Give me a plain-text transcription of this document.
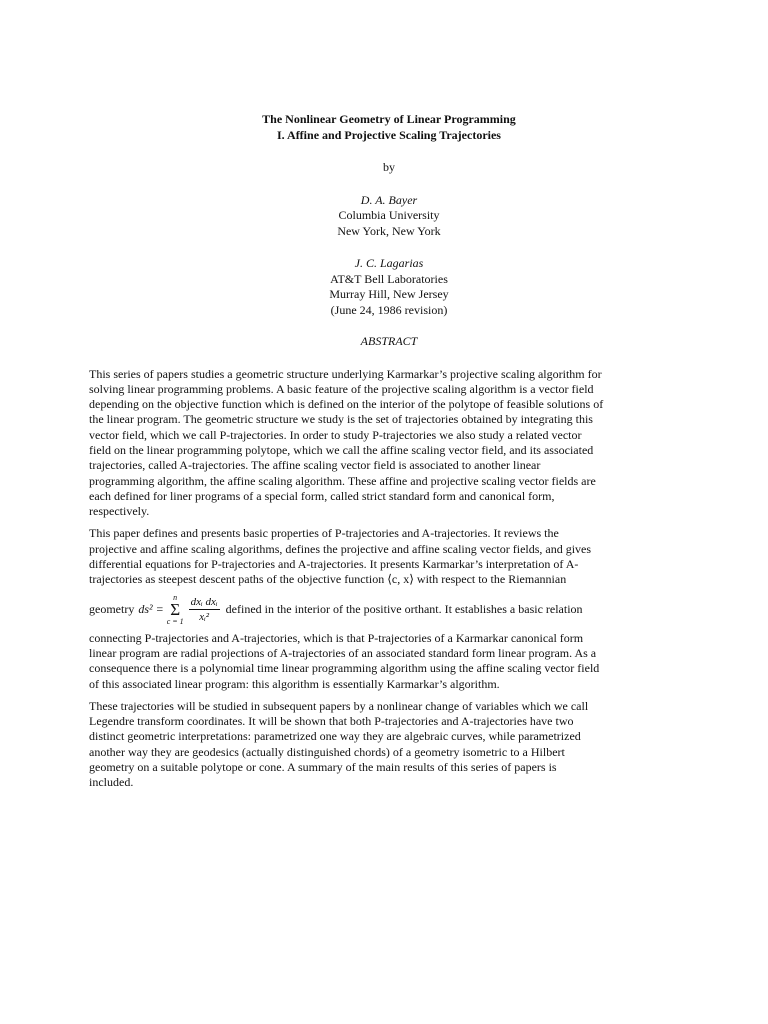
The Nonlinear Geometry of Linear Programming
I. Affine and Projective Scaling Trajectories
by
D. A. Bayer
Columbia University
New York, New York
J. C. Lagarias
AT&T Bell Laboratories
Murray Hill, New Jersey
(June 24, 1986 revision)
ABSTRACT
This series of papers studies a geometric structure underlying Karmarkar’s projective scaling algorithm for
solving linear programming problems. A basic feature of the projective scaling algorithm is a vector field
depending on the objective function which is defined on the interior of the polytope of feasible solutions of
the linear program. The geometric structure we study is the set of trajectories obtained by integrating this
vector field, which we call P-trajectories. In order to study P-trajectories we also study a related vector
field on the linear programming polytope, which we call the affine scaling vector field, and its associated
trajectories, called A-trajectories. The affine scaling vector field is associated to another linear
programming algorithm, the affine scaling algorithm. These affine and projective scaling vector fields are
each defined for liner programs of a special form, called strict standard form and canonical form,
respectively.
This paper defines and presents basic properties of P-trajectories and A-trajectories. It reviews the
projective and affine scaling algorithms, defines the projective and affine scaling vector fields, and gives
differential equations for P-trajectories and A-trajectories. It presents Karmarkar’s interpretation of A-
trajectories as steepest descent paths of the objective function ⟨c, x⟩ with respect to the Riemannian
geometry ds² =
n
Σ
$c = 1 \frac{\text{dxᵢ dxᵢ}}{\text{xᵢ²}}$ defined in the interior of the positive orthant. It establishes a basic relation
connecting P-trajectories and A-trajectories, which is that P-trajectories of a Karmarkar canonical form
linear program are radial projections of A-trajectories of an associated standard form linear program. As a
consequence there is a polynomial time linear programming algorithm using the affine scaling vector field
of this associated linear program: this algorithm is essentially Karmarkar’s algorithm.
These trajectories will be studied in subsequent papers by a nonlinear change of variables which we call
Legendre transform coordinates. It will be shown that both P-trajectories and A-trajectories have two
distinct geometric interpretations: parametrized one way they are algebraic curves, while parametrized
another way they are geodesics (actually distinguished chords) of a geometry isometric to a Hilbert
geometry on a suitable polytope or cone. A summary of the main results of this series of papers is
included.
